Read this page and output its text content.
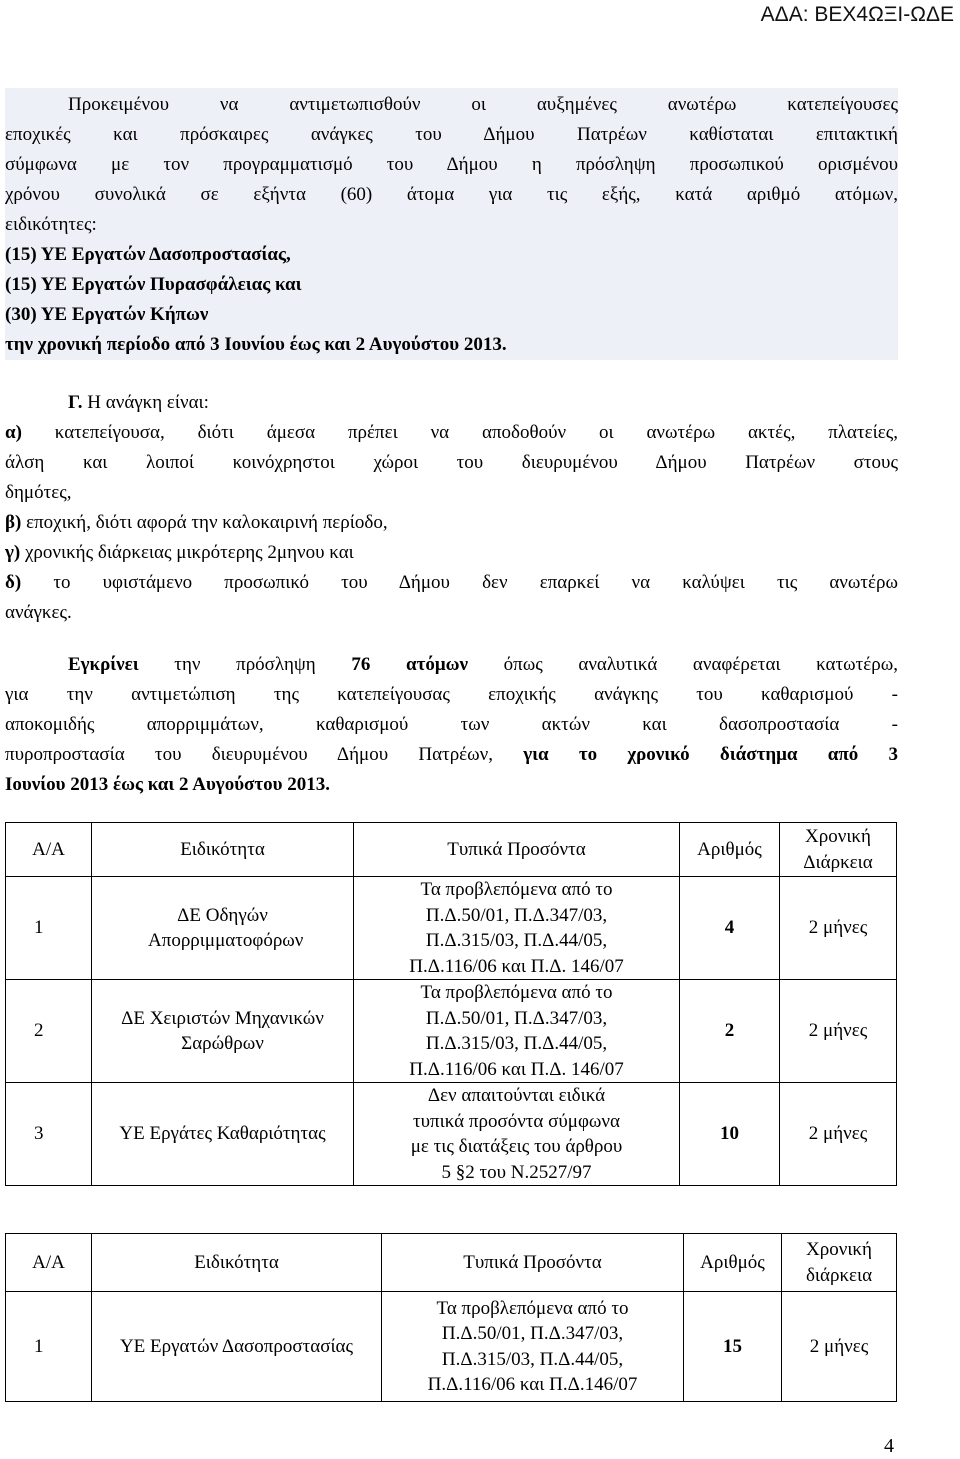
ΑΔΑ: ΒΕΧ4ΩΞΙ-ΩΔΕ
Προκειμένου να αντιμετωπισθούν οι αυξημένες ανωτέρω κατεπείγουσες
εποχικές και πρόσκαιρες ανάγκες του Δήμου Πατρέων καθίσταται επιτακτική
σύμφωνα με τον προγραμματισμό του Δήμου η πρόσληψη προσωπικού ορισμένου
χρόνου συνολικά σε εξήντα (60) άτομα για τις εξής, κατά αριθμό ατόμων,
ειδικότητες:
(15) ΥΕ Εργατών Δασοπροστασίας,
(15) ΥΕ Εργατών Πυρασφάλειας και
(30) ΥΕ Εργατών Κήπων
την χρονική περίοδο από 3 Ιουνίου έως και 2 Αυγούστου 2013.
Γ. Η ανάγκη είναι:
α) κατεπείγουσα, διότι άμεσα πρέπει να αποδοθούν οι ανωτέρω ακτές, πλατείες,
άλση και λοιποί κοινόχρηστοι χώροι του διευρυμένου Δήμου Πατρέων στους
δημότες,
β) εποχική, διότι αφορά την καλοκαιρινή περίοδο,
γ) χρονικής διάρκειας μικρότερης 2μηνου και
δ) το υφιστάμενο προσωπικό του Δήμου δεν επαρκεί να καλύψει τις ανωτέρω
ανάγκες.
Εγκρίνει την πρόσληψη 76 ατόμων όπως αναλυτικά αναφέρεται κατωτέρω,
για την αντιμετώπιση της κατεπείγουσας εποχικής ανάγκης του καθαρισμού -
αποκομιδής απορριμμάτων, καθαρισμού των ακτών και δασοπροστασία -
πυροπροστασία του διευρυμένου Δήμου Πατρέων, για το χρονικό διάστημα από 3
Ιουνίου 2013 έως και 2 Αυγούστου 2013.
Α/Α	Ειδικότητα	Τυπικά Προσόντα	Αριθμός	Χρονική Διάρκεια
1	ΔΕ Οδηγών Απορριμματοφόρων	Τα προβλεπόμενα από το Π.Δ.50/01, Π.Δ.347/03, Π.Δ.315/03, Π.Δ.44/05, Π.Δ.116/06 και Π.Δ. 146/07	4	2 μήνες
2	ΔΕ Χειριστών Μηχανικών Σαρώθρων	Τα προβλεπόμενα από το Π.Δ.50/01, Π.Δ.347/03, Π.Δ.315/03, Π.Δ.44/05, Π.Δ.116/06 και Π.Δ. 146/07	2	2 μήνες
3	ΥΕ Εργάτες Καθαριότητας	Δεν απαιτούνται ειδικά τυπικά προσόντα σύμφωνα με τις διατάξεις του άρθρου 5 §2 του Ν.2527/97	10	2 μήνες
Α/Α	Ειδικότητα	Τυπικά Προσόντα	Αριθμός	Χρονική διάρκεια
1	ΥΕ Εργατών Δασοπροστασίας	Τα προβλεπόμενα από το Π.Δ.50/01, Π.Δ.347/03, Π.Δ.315/03, Π.Δ.44/05, Π.Δ.116/06 και Π.Δ.146/07	15	2 μήνες
4
